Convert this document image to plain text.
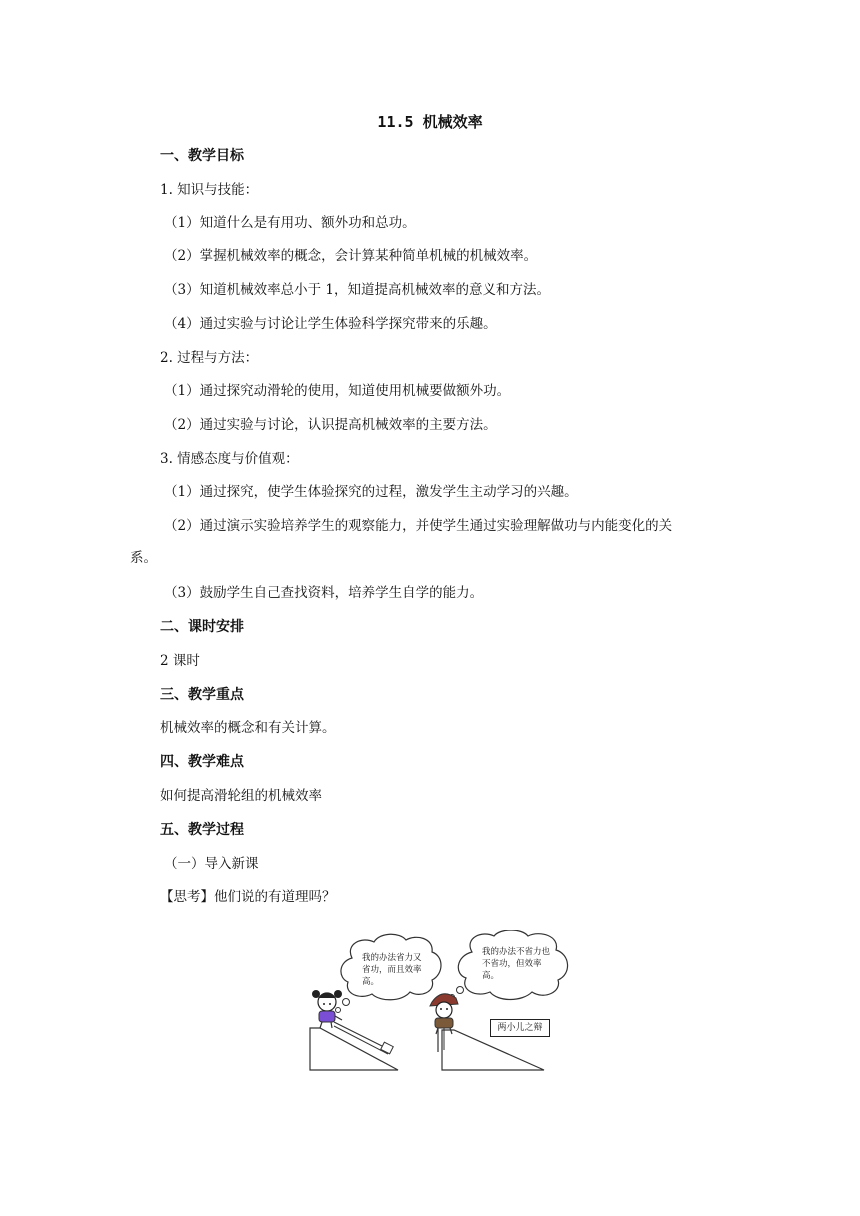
11.5 机械效率
一、教学目标
1. 知识与技能：
（1）知道什么是有用功、额外功和总功。
（2）掌握机械效率的概念，会计算某种简单机械的机械效率。
（3）知道机械效率总小于 1，知道提高机械效率的意义和方法。
（4）通过实验与讨论让学生体验科学探究带来的乐趣。
2. 过程与方法：
（1）通过探究动滑轮的使用，知道使用机械要做额外功。
（2）通过实验与讨论，认识提高机械效率的主要方法。
3. 情感态度与价值观：
（1）通过探究，使学生体验探究的过程，激发学生主动学习的兴趣。
（2）通过演示实验培养学生的观察能力，并使学生通过实验理解做功与内能变化的关
系。
（3）鼓励学生自己查找资料，培养学生自学的能力。
二、课时安排
2 课时
三、教学重点
机械效率的概念和有关计算。
四、教学难点
如何提高滑轮组的机械效率
五、教学过程
（一）导入新课
【思考】他们说的有道理吗？
我的办法省力又省功，而且效率高。
我的办法不省力也不省功，但效率高。
两小儿之辩
